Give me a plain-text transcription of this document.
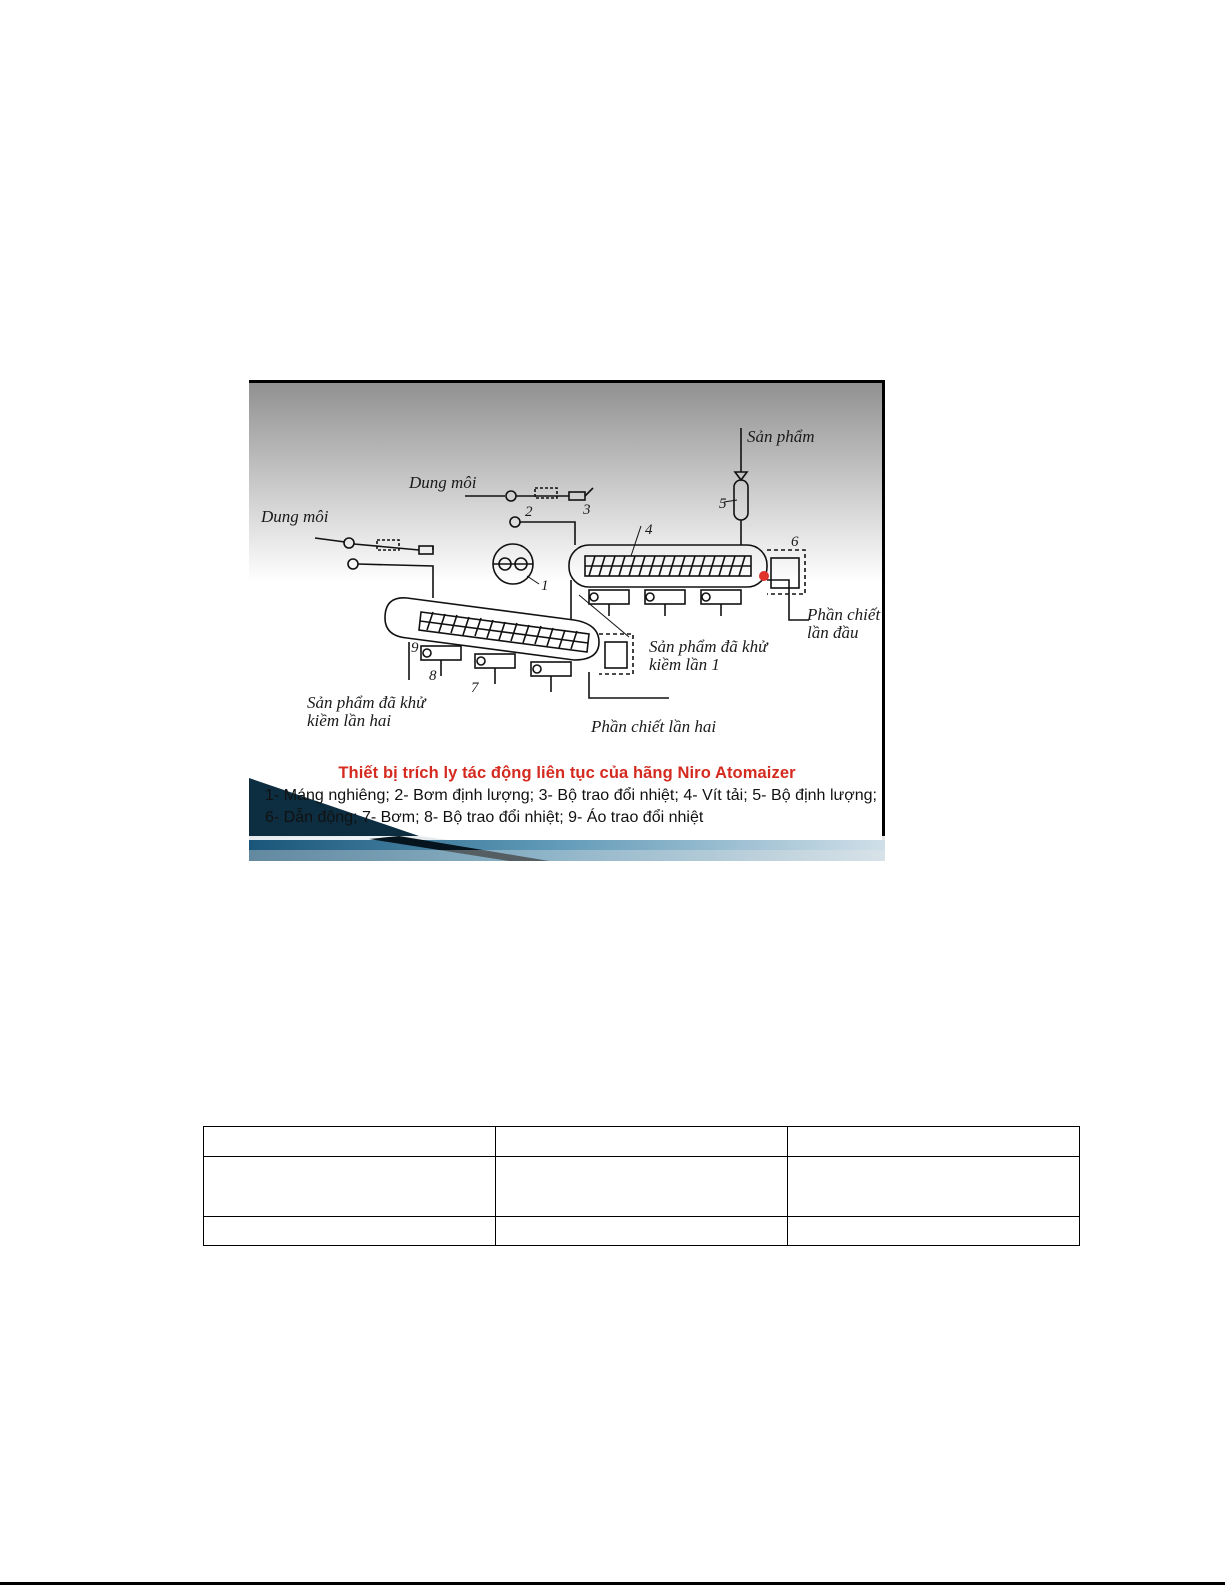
Dung môi
Dung môi
Sản phẩm
Phần chiết lần đầu
Sản phẩm đã khử kiềm lần 1
Sản phẩm đã khử kiềm lần hai	Phần chiết lần hai
1
2	3
4
5
6
7
8
9
Thiết bị trích ly tác động liên tục của hãng Niro Atomaizer
1- Máng nghiêng; 2- Bơm định lượng; 3- Bộ trao đổi nhiệt; 4- Vít tải; 5- Bộ định lượng; 6- Dẫn động; 7- Bơm; 8- Bộ trao đổi nhiệt; 9- Áo trao đổi nhiệt
